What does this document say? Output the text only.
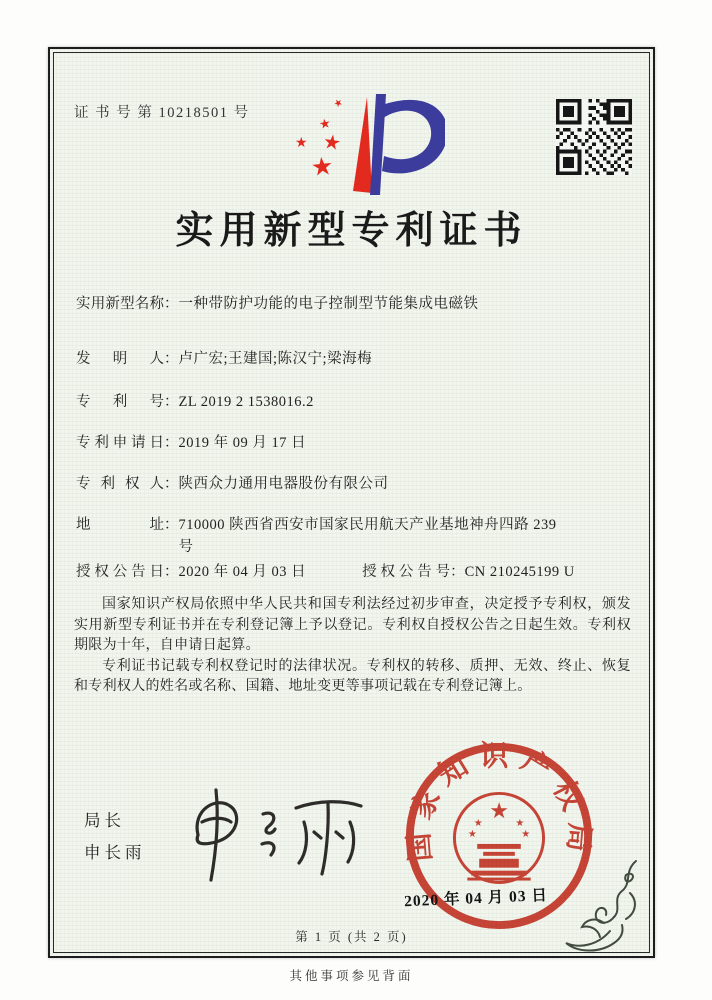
证 书 号 第 10218501 号
★
★
★ ★
★
实用新型专利证书
实用新型名称 ： 一种带防护功能的电子控制型节能集成电磁铁
发明人 ： 卢广宏;王建国;陈汉宁;梁海梅
专利号 ： ZL 2019 2 1538016.2
专利申请日 ： 2019 年 09 月 17 日
专利权人 ： 陕西众力通用电器股份有限公司
地址 ： 710000 陕西省西安市国家民用航天产业基地神舟四路 239 号
授权公告日 ： 2020 年 04 月 03 日	授权公告号 ： CN 210245199 U

国家知识产权局依照中华人民共和国专利法经过初步审查，决定授予专利权，颁发实用新型专利证书并在专利登记簿上予以登记。专利权自授权公告之日起生效。专利权期限为十年，自申请日起算。

专利证书记载专利权登记时的法律状况。专利权的转移、质押、无效、终止、恢复和专利权人的姓名或名称、国籍、地址变更等事项记载在专利登记簿上。

局长
申长雨	国家知识产权局
★
★	★
★	★
2020 年 04 月 03 日
第 1 页 (共 2 页)
其他事项参见背面
